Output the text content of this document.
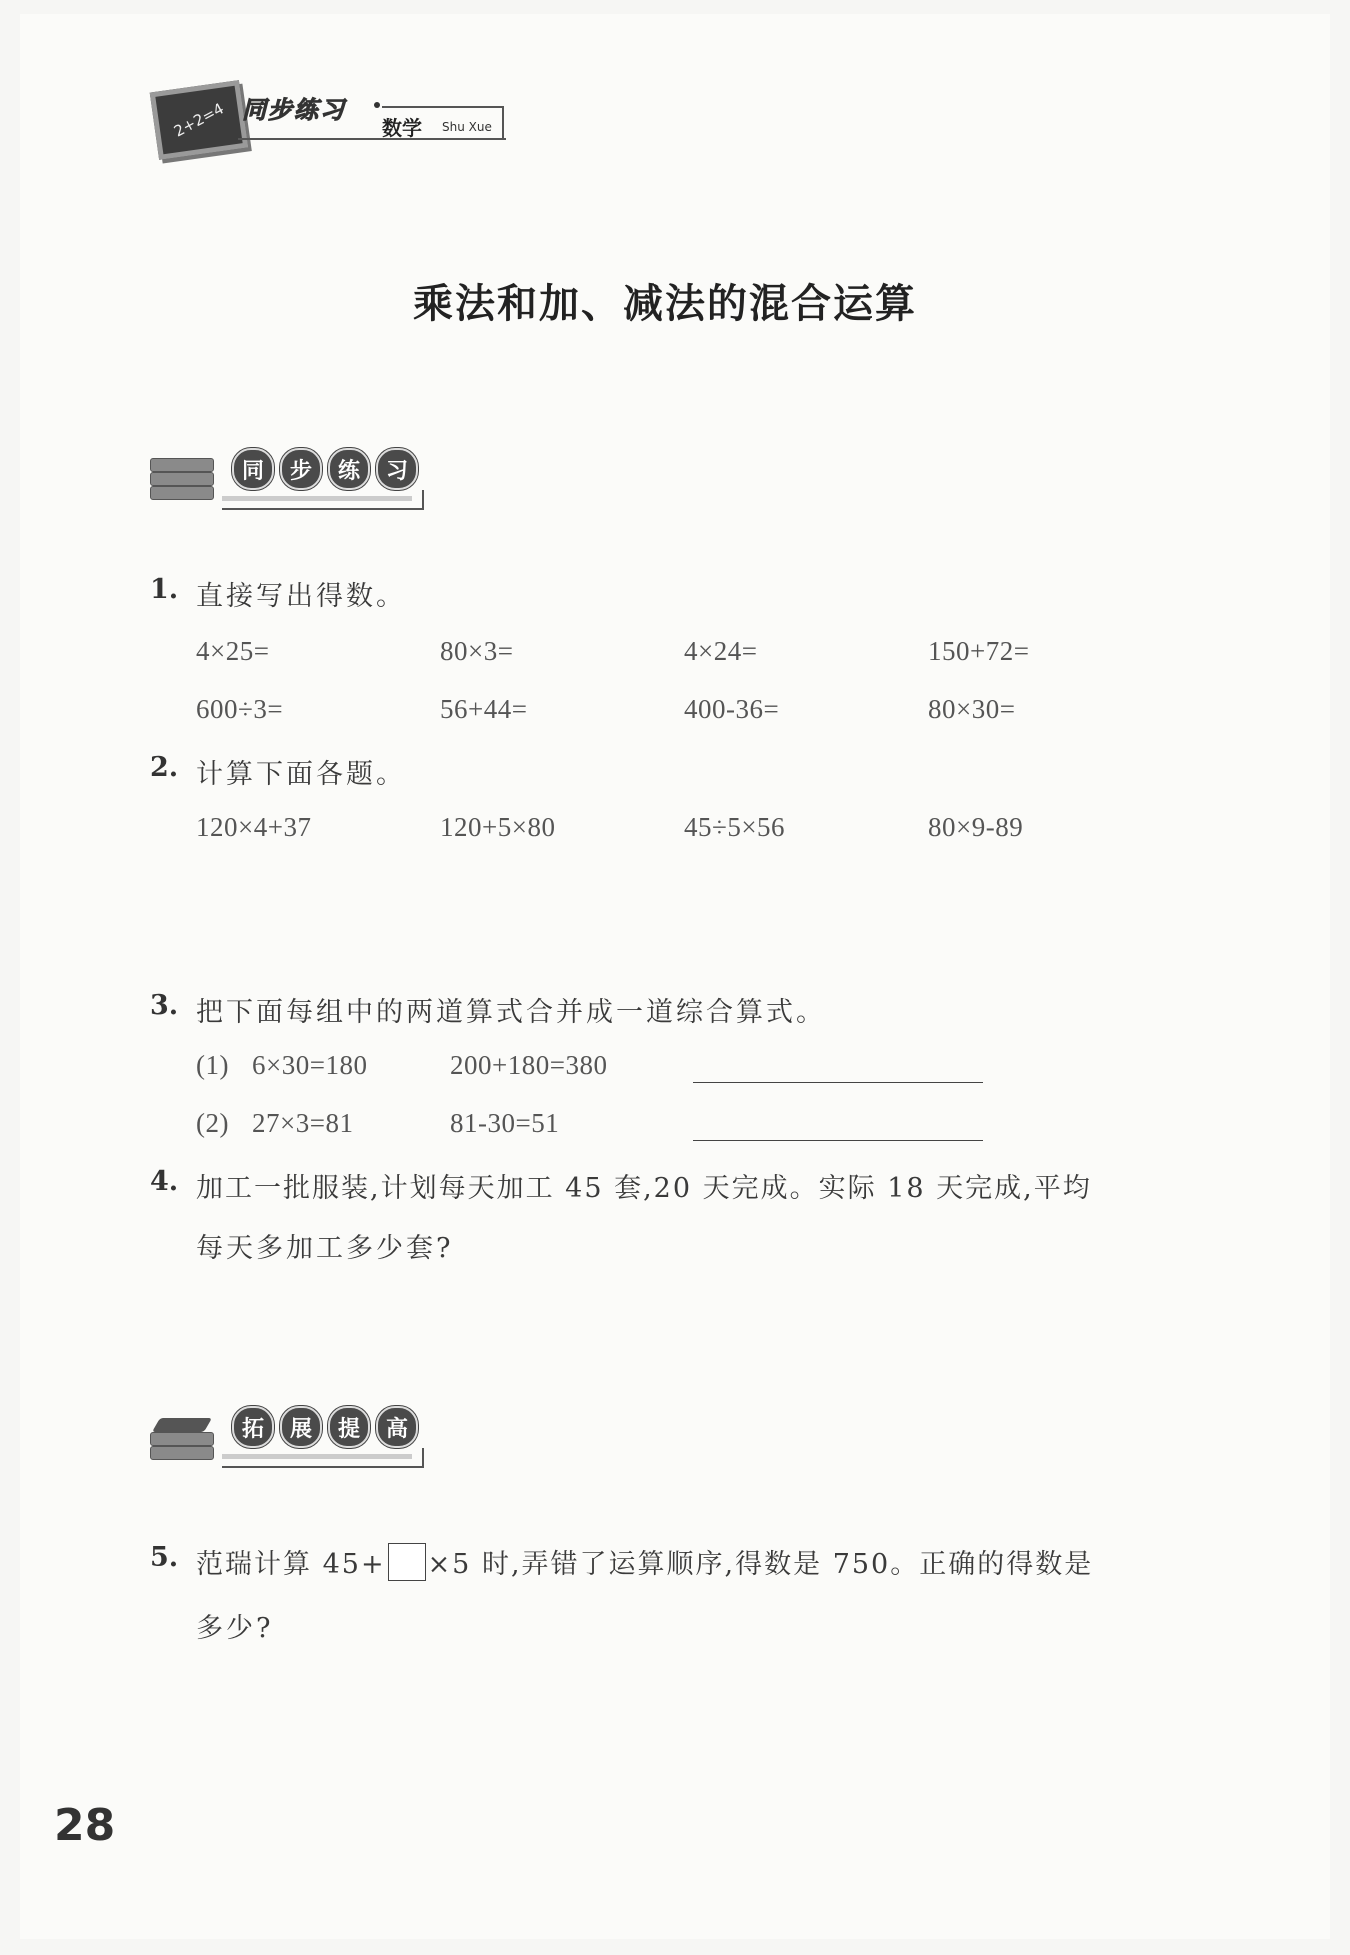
2+2=4 同步练习
数学 Shu Xue
乘法和加、减法的混合运算
同	步	练	习
1. 直接写出得数。
4×25=	80×3=	4×24=	150+72=
600÷3=	56+44=	400-36=	80×30=
2. 计算下面各题。
120×4+37	120+5×80	45÷5×56	80×9-89
3. 把下面每组中的两道算式合并成一道综合算式。
(1) 6×30=180	200+180=380
(2) 27×3=81	81-30=51
4. 加工一批服装,计划每天加工 45 套,20 天完成。实际 18 天完成,平均
每天多加工多少套?
拓	展	提	高
5. 范瑞计算 45+ ×5 时,弄错了运算顺序,得数是 750。正确的得数是
多少?
28
